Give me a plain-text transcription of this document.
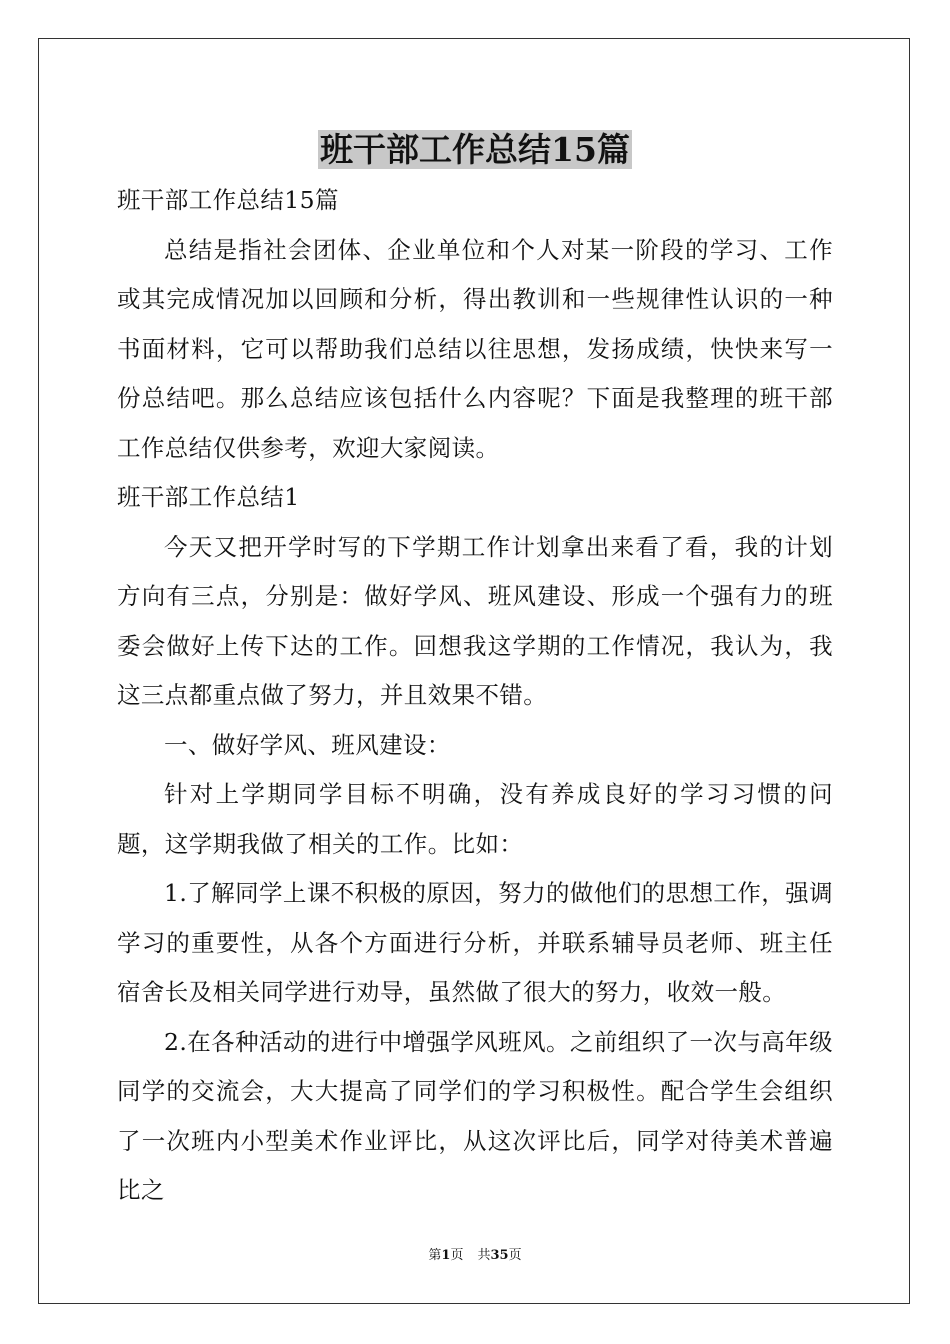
班干部工作总结15篇

班干部工作总结15篇

总结是指社会团体、企业单位和个人对某一阶段的学习、工作或其完成情况加以回顾和分析，得出教训和一些规律性认识的一种书面材料，它可以帮助我们总结以往思想，发扬成绩，快快来写一份总结吧。那么总结应该包括什么内容呢？下面是我整理的班干部工作总结仅供参考，欢迎大家阅读。

班干部工作总结1

今天又把开学时写的下学期工作计划拿出来看了看，我的计划方向有三点，分别是：做好学风、班风建设、形成一个强有力的班委会做好上传下达的工作。回想我这学期的工作情况，我认为，我这三点都重点做了努力，并且效果不错。

一、做好学风、班风建设：

针对上学期同学目标不明确，没有养成良好的学习习惯的问题，这学期我做了相关的工作。比如：

1.了解同学上课不积极的原因，努力的做他们的思想工作，强调学习的重要性，从各个方面进行分析，并联系辅导员老师、班主任宿舍长及相关同学进行劝导，虽然做了很大的努力，收效一般。

2.在各种活动的进行中增强学风班风。之前组织了一次与高年级同学的交流会，大大提高了同学们的学习积极性。配合学生会组织了一次班内小型美术作业评比，从这次评比后，同学对待美术普遍比之

第1页 共35页
